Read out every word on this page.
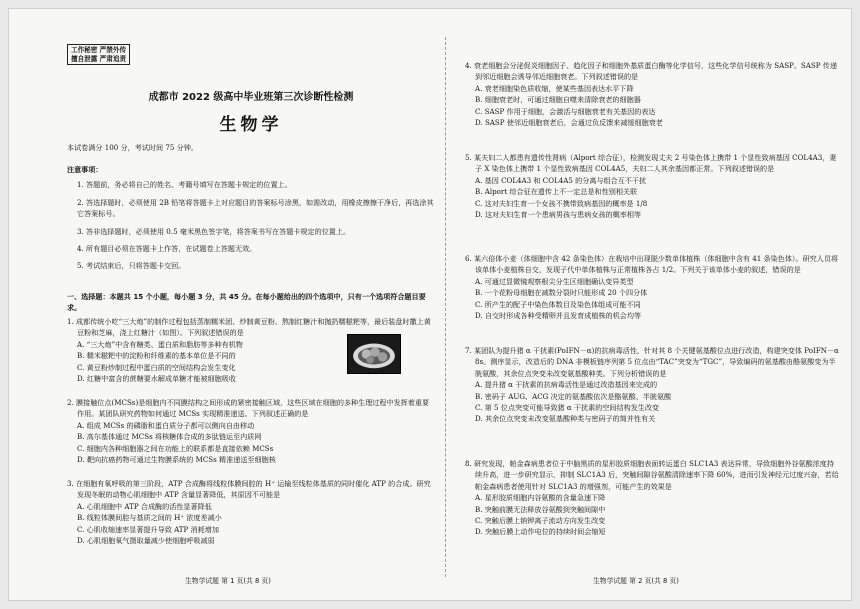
工作秘密 严禁外传
擅自泄露 严肃追责
成都市 2022 级高中毕业班第三次诊断性检测
生物学
本试卷满分 100 分，考试时间 75 分钟。
注意事项：
1. 答题前，务必将自己的姓名、考籍号填写在答题卡规定的位置上。
2. 答选择题时，必须使用 2B 铅笔将答题卡上对应题目的答案标号涂黑，如需改动，用橡皮擦擦干净后，再选涂其它答案标号。
3. 答非选择题时，必须使用 0.5 毫米黑色签字笔，将答案书写在答题卡规定的位置上。
4. 所有题目必须在答题卡上作答，在试题卷上答题无效。
5. 考试结束后，只将答题卡交回。
一、选择题：本题共 15 个小题，每小题 3 分，共 45 分。在每小题给出的四个选项中，只有一个选项符合题目要求。
1. 成都传统小吃“三大炮”的制作过程包括蒸制糯米团、炒制黄豆粉、熬制红糖汁和抛扔糯糍粑等，最后装盘时撒上黄豆粉和芝麻，浇上红糖汁（如图）。下列叙述错误的是
A. “三大炮”中含有糖类、蛋白质和脂肪等多种有机物
B. 糯米糍粑中的淀粉和纤维素的基本单位是不同的
C. 黄豆粉炒制过程中蛋白质的空间结构会发生变化
D. 红糖中富含的蔗糖要水解成单糖才能被细胞吸收
2. 膜接触位点(MCSs)是细胞内不同膜结构之间形成的紧密接触区域，这些区域在细胞的多种生理过程中发挥着重要作用。某团队研究药物如何通过 MCSs 实现精准递送。下列叙述正确的是
A. 组成 MCSs 的磷脂和蛋白质分子都可以侧向自由移动
B. 高尔基体通过 MCSs 将核糖体合成的多肽链运至内质网
C. 细胞内各种细胞器之间在功能上的联系都是直接依赖 MCSs
D. 靶向抗癌药物可通过生物膜系统的 MCSs 精准递送至细胞核
3. 在细胞有氧呼吸的第三阶段，ATP 合成酶将线粒体膜间腔的 H⁺ 运输至线粒体基质的同时催化 ATP 的合成。研究发现冬眠的动物心肌细胞中 ATP 含量显著降低，其原因不可能是
A. 心肌细胞中 ATP 合成酶的活性显著降低
B. 线粒体膜间腔与基质之间的 H⁺ 浓度差减小
C. 心肌收缩速率显著提升导致 ATP 消耗增加
D. 心肌细胞氧气摄取量减少使细胞呼吸减弱
4. 衰老细胞会分泌促炎细胞因子、趋化因子和细胞外基质蛋白酶等化学信号，这些化学信号统称为 SASP。SASP 传递到邻近细胞会诱导邻近细胞衰老。下列叙述错误的是
A. 衰老细胞染色质收缩，使某些基因表达水平下降
B. 细胞衰老时，可通过细胞自噬来清除衰老的细胞器
C. SASP 作用于细胞，会激活与细胞衰老有关基因的表达
D. SASP 使邻近细胞衰老后，会通过负反馈来减缓细胞衰老
5. 某夫妇二人都患有遗传性肾病（Alport 综合征），检测发现丈夫 2 号染色体上携带 1 个显性致病基因 COL4A3，妻子 X 染色体上携带 1 个显性致病基因 COL4A5，夫妇二人其余基因都正常。下列叙述错误的是
A. 基因 COL4A3 和 COL4A5 的分离与组合互不干扰
B. Alport 综合征在遗传上不一定总是和性别相关联
C. 这对夫妇生育一个女孩不携带致病基因的概率是 1/8
D. 这对夫妇生育一个患病男孩与患病女孩的概率相等
6. 某六倍体小麦（体细胞中含 42 条染色体）在栽培中出现脱少数单体植株（体细胞中含有 41 条染色体）。研究人员将该单体小麦植株自交，发现子代中单体植株与正常植株各占 1/2。下列关于该单体小麦的叙述，错误的是
A. 可通过显微镜观察根尖分生区细胞确认变异类型
B. 一个花粉母细胞在减数分裂时只能形成 20 个四分体
C. 所产生的配子中染色体数目及染色体组成可能不同
D. 自交时形成各种受精卵并且发育成植株的机会均等
7. 某团队为提升猪 α 干扰素(PoIFN－α)的抗病毒活性，针对其 8 个关键氨基酸位点进行改造，构建突变体 PoIFN－α 8s。测序显示，改造后的 DNA 非模板链序列第 5 位点由“TAC”突变为“TGC”，导致编码的氨基酸由酪氨酸变为半胱氨酸，其余位点突变未改变氨基酸种类。下列分析错误的是
A. 提升猪 α 干扰素的抗病毒活性是通过改造基因来完成的
B. 密码子 AUG、ACG 决定的氨基酸依次是酪氨酸、半胱氨酸
C. 第 5 位点突变可能导致猪 α 干扰素的空间结构发生改变
D. 其余位点突变未改变氨基酸种类与密码子的简并性有关
8. 研究发现，帕金森病患者位于中脑黑质的星形胶质细胞表面转运蛋白 SLC1A3 表达异常，导致细胞外谷氨酸浓度持续升高，进一步研究显示，抑制 SLC1A3 后，突触间隙谷氨酸清除速率下降 60%，进而引发神经元过度兴奋，若给帕金森病患者使用针对 SLC1A3 的增强剂，可能产生的效果是
A. 星形胶质细胞内谷氨酸的含量急速下降
B. 突触前膜无法释放谷氨酸到突触间隙中
C. 突触后膜上钠钾离子流动方向发生改变
D. 突触后膜上动作电位的持续时间会缩短
生物学试题 第 1 页(共 8 页)	生物学试题 第 2 页(共 8 页)
